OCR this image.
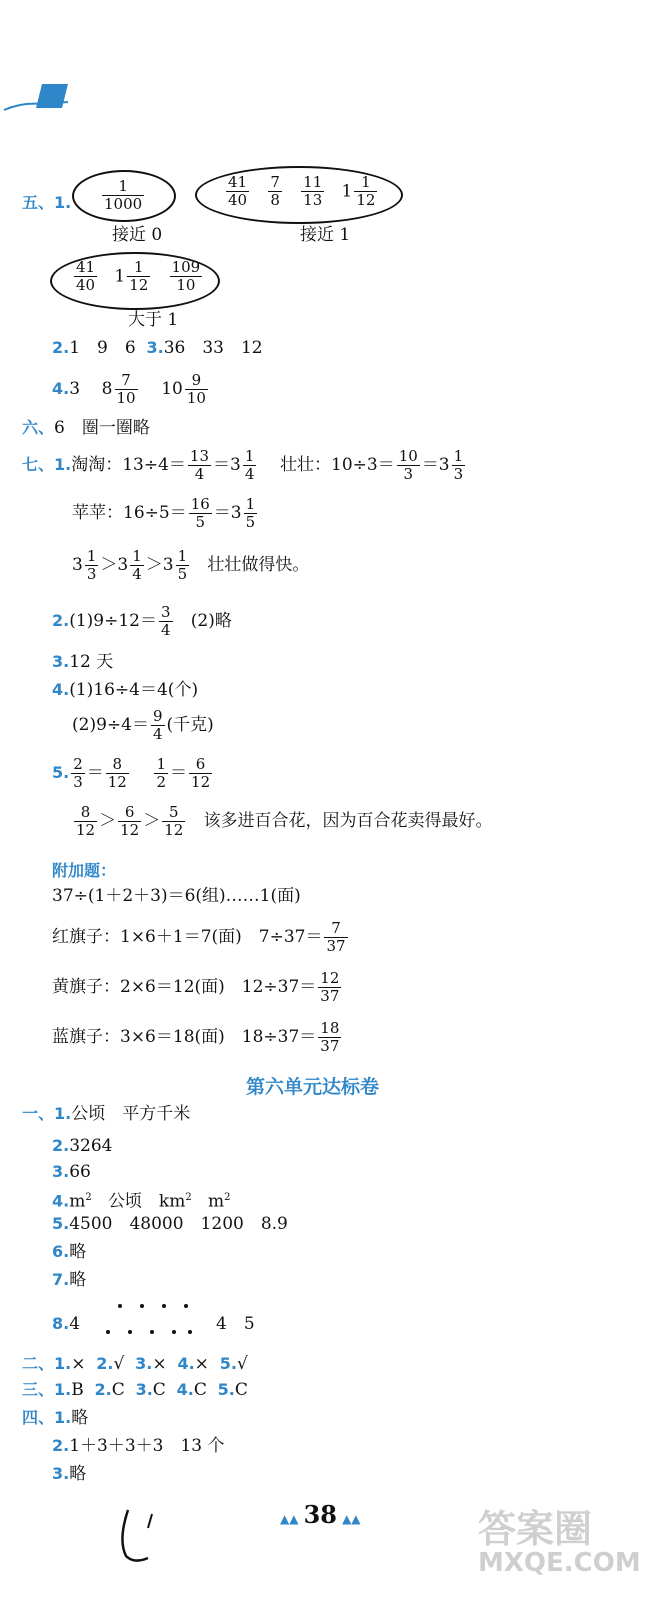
五、1. $\frac{1}{1000}$
接近 0
$\frac{41}{40}$
$\frac{7}{8}$
$\frac{11}{13} 1 \frac{1}{12}$
接近 1
$\frac{41}{40} 1 \frac{1}{12}$
$\frac{109}{10}$
大于 1
2.1　9　6 3.36　33　12
4.3 $8 \frac{7}{10} 10 \frac{9}{10}$
六、6　圈一圈略
七、1.淘淘：$13\div 4= \frac{13}{4} =3 \frac{1}{4}$ 壮壮：$10\div 3= \frac{10}{3} =3 \frac{1}{3}$
苹苹：$16\div 5= \frac{16}{5} =3 \frac{1}{5}$
$3 \frac{1}{3} >3 \frac{1}{4} >3 \frac{1}{5}$ 壮壮做得快。
$2.(1)9\div 12= \frac{3}{4} (2)$略
3.12 天
4.(1)16÷4＝4(个)
$(2)9\div 4= \frac{9}{4}$ (千克)
5. $\frac{2}{3} = \frac{8}{12}$
$\frac{1}{2} = \frac{6}{12}$
$\frac{8}{12} > \frac{6}{12} > \frac{5}{12}$ 该多进百合花，因为百合花卖得最好。
附加题：
37÷(1＋2＋3)＝6(组)……1(面)
红旗子：1×6＋1＝7(面)　$7\div 37= \frac{7}{37}$
黄旗子：2×6＝12(面)　$12\div 37= \frac{12}{37}$
蓝旗子：3×6＝18(面)　$18\div 37= \frac{18}{37}$
第六单元达标卷
一、1.公顷　平方千米
2.3264
3.66
$4.m^2$ 公顷　$km^2$ $m^2$
5.4500　48000　1200　8.9
6.略
7.略
8.4	4　5
二、1.× 2.√ 3.× 4.× 5.√
三、1.B 2.C 3.C 4.C 5.C
四、1.略
2.1＋3＋3＋3　13 个
3.略
▲▲ 38 ▲▲	答案圈
MXQE.COM
